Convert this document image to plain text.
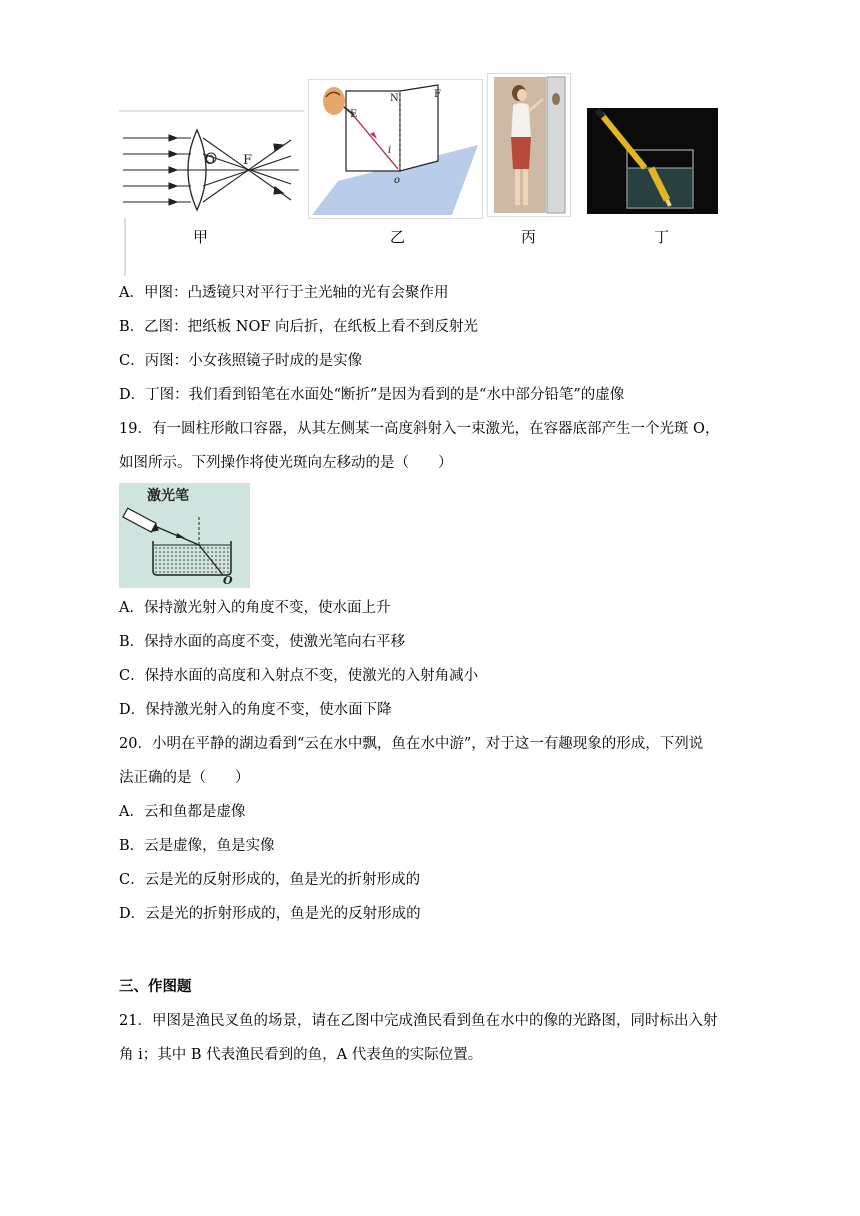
O F
甲
E
N	F
i
o
乙	丙	丁
A．甲图：凸透镜只对平行于主光轴的光有会聚作用
B．乙图：把纸板 NOF 向后折，在纸板上看不到反射光
C．丙图：小女孩照镜子时成的是实像
D．丁图：我们看到铅笔在水面处“断折”是因为看到的是“水中部分铅笔”的虚像
19．有一圆柱形敞口容器，从其左侧某一高度斜射入一束激光，在容器底部产生一个光斑 O，
如图所示。下列操作将使光斑向左移动的是（　　）
激光笔
O
A．保持激光射入的角度不变，使水面上升
B．保持水面的高度不变，使激光笔向右平移
C．保持水面的高度和入射点不变，使激光的入射角减小
D．保持激光射入的角度不变，使水面下降
20．小明在平静的湖边看到“云在水中飘，鱼在水中游”，对于这一有趣现象的形成，下列说
法正确的是（　　）
A．云和鱼都是虚像
B．云是虚像，鱼是实像
C．云是光的反射形成的，鱼是光的折射形成的
D．云是光的折射形成的，鱼是光的反射形成的
三、作图题
21．甲图是渔民叉鱼的场景，请在乙图中完成渔民看到鱼在水中的像的光路图，同时标出入射
角 i；其中 B 代表渔民看到的鱼，A 代表鱼的实际位置。
